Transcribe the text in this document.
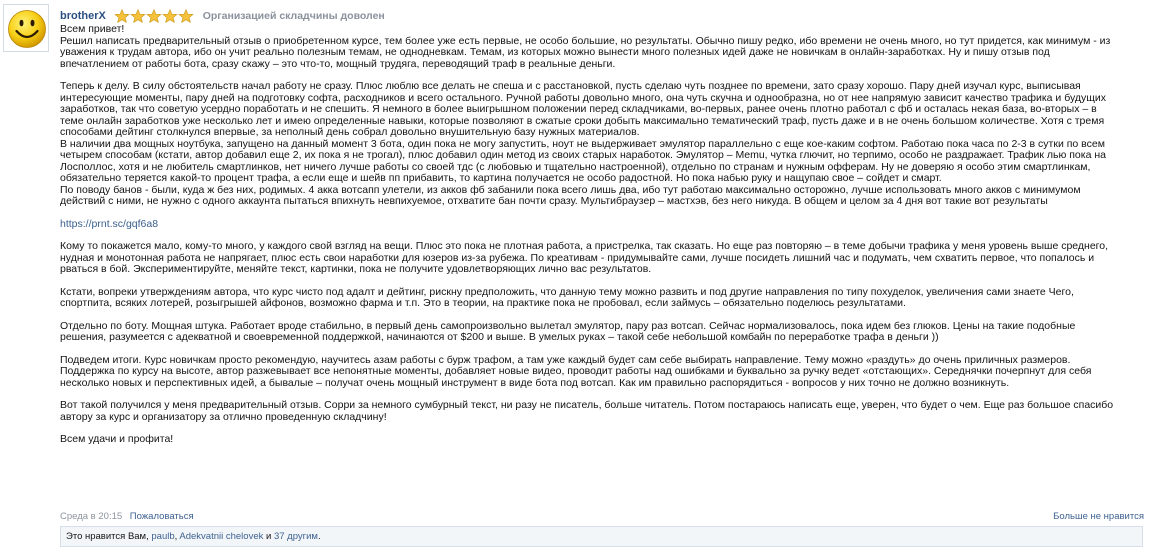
brotherX	Организацией складчины доволен

Всем привет!

Решил написать предварительный отзыв о приобретенном курсе, тем более уже есть первые, не особо большие, но результаты. Обычно пишу редко, ибо времени не очень много, но тут придется, как минимум - из

уважения к трудам автора, ибо он учит реально полезным темам, не однодневкам. Темам, из которых можно вынести много полезных идей даже не новичкам в онлайн-заработках. Ну и пишу отзыв под

впечатлением от работы бота, сразу скажу – это что-то, мощный трудяга, переводящий траф в реальные деньги.

Теперь к делу. В силу обстоятельств начал работу не сразу. Плюс люблю все делать не спеша и с расстановкой, пусть сделаю чуть позднее по времени, зато сразу хорошо. Пару дней изучал курс, выписывая

интересующие моменты, пару дней на подготовку софта, расходников и всего остального. Ручной работы довольно много, она чуть скучна и однообразна, но от нее напрямую зависит качество трафика и будущих

заработков, так что советую усердно поработать и не спешить. Я немного в более выигрышном положении перед складчиками, во-первых, ранее очень плотно работал с фб и осталась некая база, во-вторых – в

теме онлайн заработков уже несколько лет и имею определенные навыки, которые позволяют в сжатые сроки добыть максимально тематический траф, пусть даже и в не очень большом количестве. Хотя с тремя

способами дейтинг столкнулся впервые, за неполный день собрал довольно внушительную базу нужных материалов.

В наличии два мощных ноутбука, запущено на данный момент 3 бота, один пока не могу запустить, ноут не выдерживает эмулятор параллельно с еще кое-каким софтом. Работаю пока часа по 2-3 в сутки по всем

четырем способам (кстати, автор добавил еще 2, их пока я не трогал), плюс добавил один метод из своих старых наработок. Эмулятор – Memu, чутка глючит, но терпимо, особо не раздражает. Трафик лью пока на

Лосполлос, хотя и не любитель смартлинков, нет ничего лучше работы со своей тдс (с любовью и тщательно настроенной), отдельно по странам и нужным офферам. Ну не доверяю я особо этим смартлинкам,

обязательно теряется какой-то процент трафа, а если еще и шейв пп прибавить, то картина получается не особо радостной. Но пока набью руку и нащупаю свое – сойдет и смарт.

По поводу банов - были, куда ж без них, родимых. 4 акка вотсапп улетели, из акков фб забанили пока всего лишь два, ибо тут работаю максимально осторожно, лучше использовать много акков с минимумом

действий с ними, не нужно с одного аккаунта пытаться впихнуть невпихуемое, отхватите бан почти сразу. Мультибраузер – мастхэв, без него никуда. В общем и целом за 4 дня вот такие вот результаты

https://prnt.sc/gqf6a8

Кому то покажется мало, кому-то много, у каждого свой взгляд на вещи. Плюс это пока не плотная работа, а пристрелка, так сказать. Но еще раз повторяю – в теме добычи трафика у меня уровень выше среднего,

нудная и монотонная работа не напрягает, плюс есть свои наработки для юзеров из-за рубежа. По креативам - придумывайте сами, лучше посидеть лишний час и подумать, чем схватить первое, что попалось и

рваться в бой. Экспериментируйте, меняйте текст, картинки, пока не получите удовлетворяющих лично вас результатов.

Кстати, вопреки утверждениям автора, что курс чисто под адалт и дейтинг, рискну предположить, что данную тему можно развить и под другие направления по типу похуделок, увеличения сами знаете Чего,

спортпита, всяких лотерей, розыгрышей айфонов, возможно фарма и т.п. Это в теории, на практике пока не пробовал, если займусь – обязательно поделюсь результатами.

Отдельно по боту. Мощная штука. Работает вроде стабильно, в первый день самопроизвольно вылетал эмулятор, пару раз вотсап. Сейчас нормализовалось, пока идем без глюков. Цены на такие подобные

решения, разумеется с адекватной и своевременной поддержкой, начинаются от $200 и выше. В умелых руках – такой себе небольшой комбайн по переработке трафа в деньги ))

Подведем итоги. Курс новичкам просто рекомендую, научитесь азам работы с бурж трафом, а там уже каждый будет сам себе выбирать направление. Тему можно «раздуть» до очень приличных размеров.

Поддержка по курсу на высоте, автор разжевывает все непонятные моменты, добавляет новые видео, проводит работы над ошибками и буквально за ручку ведет «отстающих». Середнячки почерпнут для себя

несколько новых и перспективных идей, а бывалые – получат очень мощный инструмент в виде бота под вотсап. Как им правильно распорядиться - вопросов у них точно не должно возникнуть.

Вот такой получился у меня предварительный отзыв. Сорри за немного сумбурный текст, ни разу не писатель, больше читатель. Потом постараюсь написать еще, уверен, что будет о чем. Еще раз большое спасибо

автору за курс и организатору за отлично проведенную складчину!

Всем удачи и профита!

Среда в 20:15 Пожаловаться	Больше не нравится
Это нравится Вам, paulb, Adekvatnii chelovek и 37 другим.
